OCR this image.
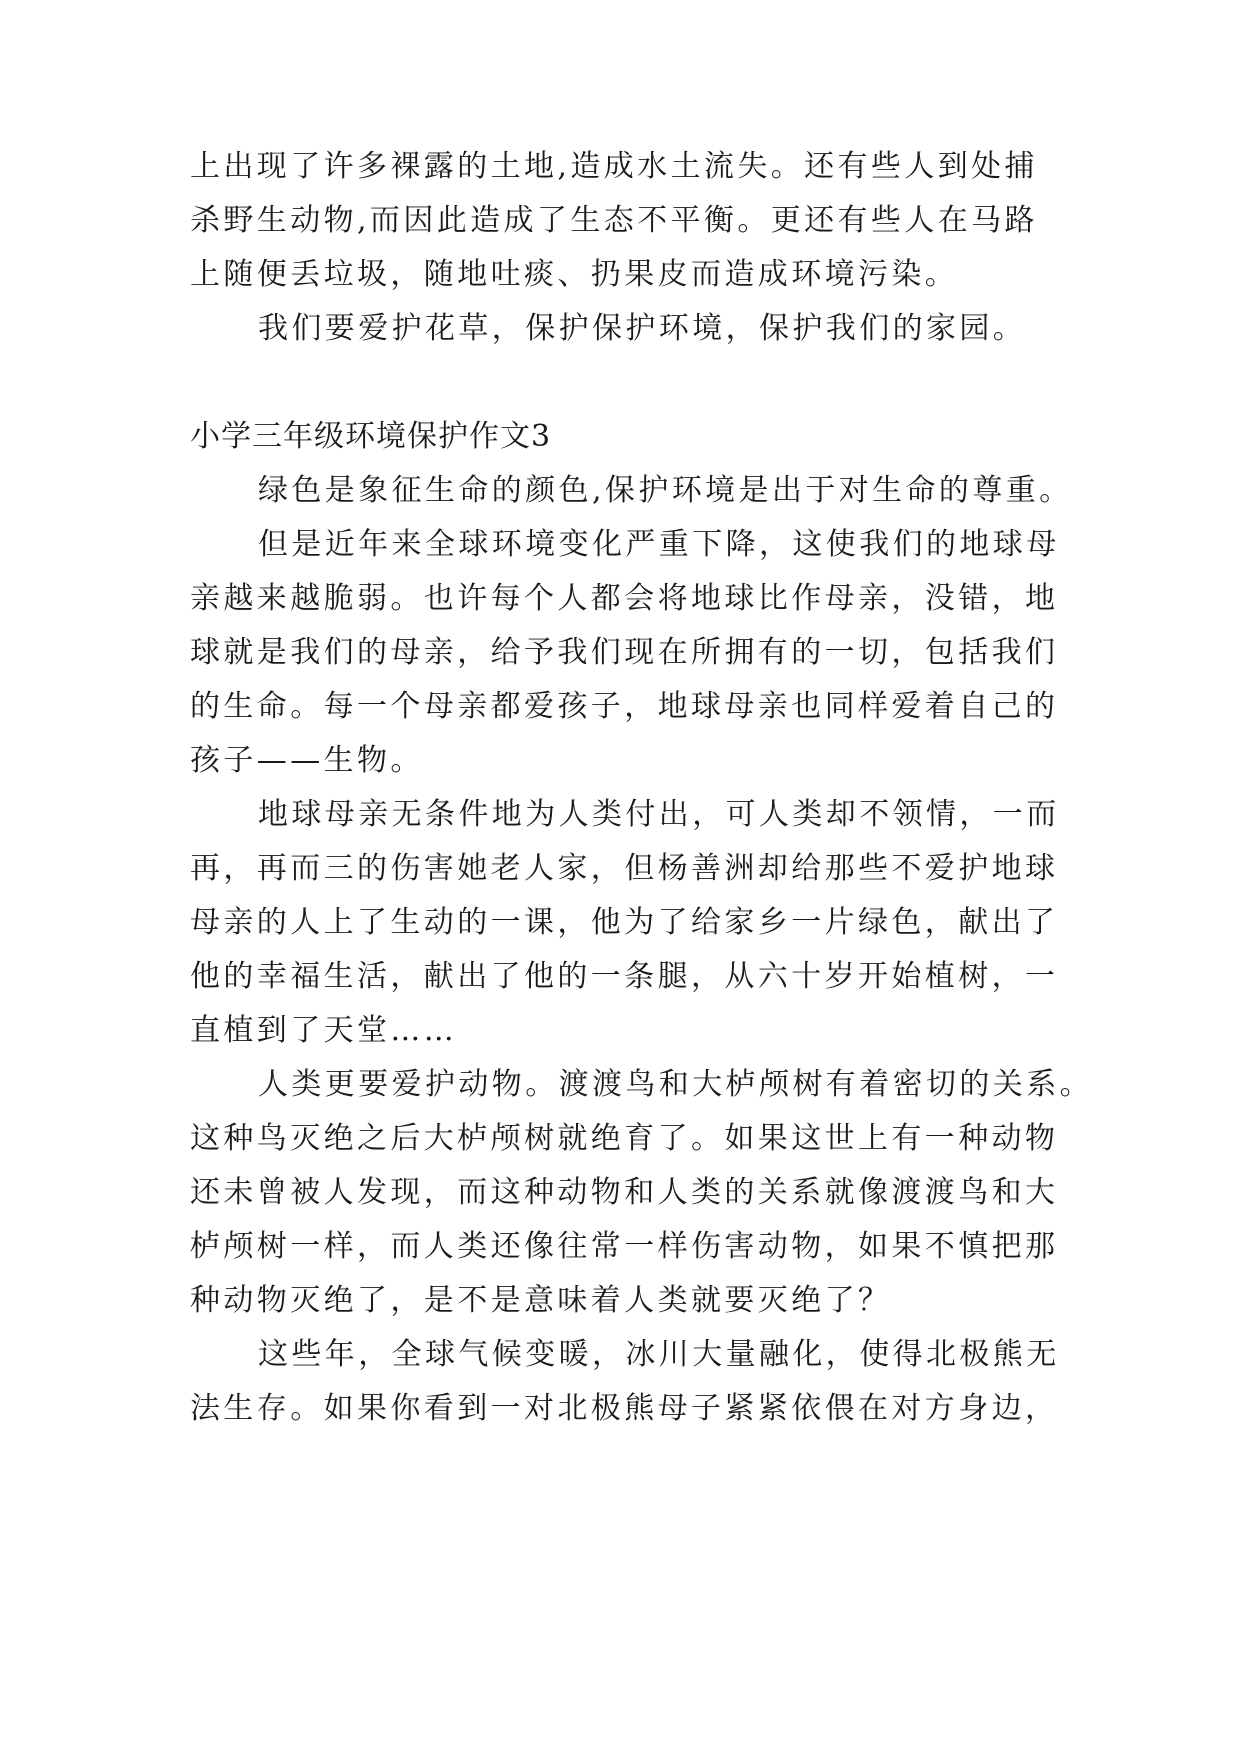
上出现了许多裸露的土地,造成水土流失。还有些人到处捕
杀野生动物,而因此造成了生态不平衡。更还有些人在马路
上随便丢垃圾，随地吐痰、扔果皮而造成环境污染。
我们要爱护花草，保护保护环境，保护我们的家园。
小学三年级环境保护作文3
绿色是象征生命的颜色,保护环境是出于对生命的尊重。
但是近年来全球环境变化严重下降，这使我们的地球母
亲越来越脆弱。也许每个人都会将地球比作母亲，没错，地
球就是我们的母亲，给予我们现在所拥有的一切，包括我们
的生命。每一个母亲都爱孩子，地球母亲也同样爱着自己的
孩子——生物。
地球母亲无条件地为人类付出，可人类却不领情，一而
再，再而三的伤害她老人家，但杨善洲却给那些不爱护地球
母亲的人上了生动的一课，他为了给家乡一片绿色，献出了
他的幸福生活，献出了他的一条腿，从六十岁开始植树，一
直植到了天堂……
人类更要爱护动物。渡渡鸟和大栌颅树有着密切的关系。
这种鸟灭绝之后大栌颅树就绝育了。如果这世上有一种动物
还未曾被人发现，而这种动物和人类的关系就像渡渡鸟和大
栌颅树一样，而人类还像往常一样伤害动物，如果不慎把那
种动物灭绝了，是不是意味着人类就要灭绝了？
这些年，全球气候变暖，冰川大量融化，使得北极熊无
法生存。如果你看到一对北极熊母子紧紧依偎在对方身边，
